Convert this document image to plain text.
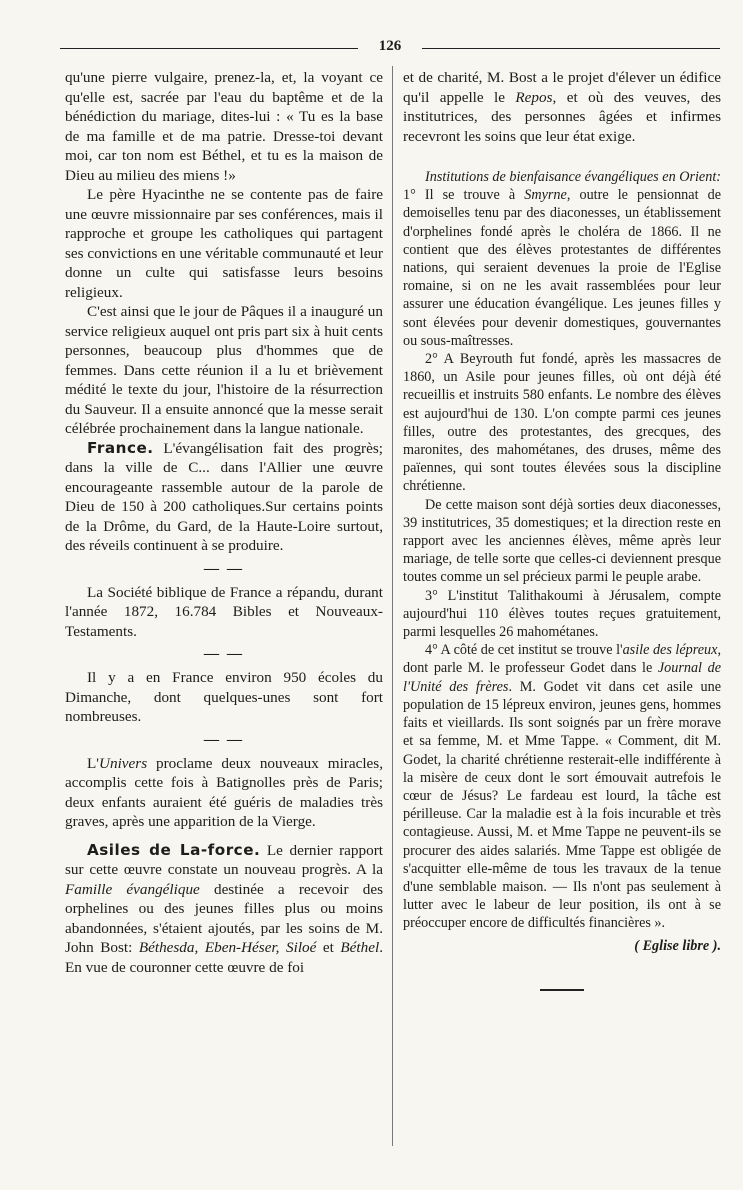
126

qu'une pierre vulgaire, prenez-la, et, la voyant ce qu'elle est, sacrée par l'eau du baptême et de la bénédiction du mariage, dites-lui : « Tu es la base de ma famille et de ma patrie. Dresse-toi devant moi, car ton nom est Béthel, et tu es la maison de Dieu au milieu des miens !»

Le père Hyacinthe ne se contente pas de faire une œuvre missionnaire par ses conférences, mais il rapproche et groupe les catholiques qui partagent ses convictions en une véritable communauté et leur donne un culte qui satisfasse leurs besoins religieux.

C'est ainsi que le jour de Pâques il a inauguré un service religieux auquel ont pris part six à huit cents personnes, beaucoup plus d'hommes que de femmes. Dans cette réunion il a lu et brièvement médité le texte du jour, l'histoire de la résurrection du Sauveur. Il a ensuite annoncé que la messe serait célébrée prochainement dans la langue nationale.

France. L'évangélisation fait des progrès; dans la ville de C... dans l'Allier une œuvre encourageante rassemble autour de la parole de Dieu de 150 à 200 catholiques.Sur certains points de la Drôme, du Gard, de la Haute-Loire surtout, des réveils continuent à se produire.

— —

La Société biblique de France a répandu, durant l'année 1872, 16.784 Bibles et Nouveaux-Testaments.

— —

Il y a en France environ 950 écoles du Dimanche, dont quelques-unes sont fort nombreuses.

— —

L'Univers proclame deux nouveaux miracles, accomplis cette fois à Batignolles près de Paris; deux enfants auraient été guéris de maladies très graves, après une apparition de la Vierge.

Asiles de La-force. Le dernier rapport sur cette œuvre constate un nouveau progrès. A la Famille évangélique destinée a recevoir des orphelines ou des jeunes filles plus ou moins abandonnées, s'étaient ajoutés, par les soins de M. John Bost: Béthesda, Eben-Héser, Siloé et Béthel. En vue de couronner cette œuvre de foi

et de charité, M. Bost a le projet d'élever un édifice qu'il appelle le Repos, et où des veuves, des institutrices, des personnes âgées et infirmes recevront les soins que leur état exige.

Institutions de bienfaisance évangéliques en Orient: 1° Il se trouve à Smyrne, outre le pensionnat de demoiselles tenu par des diaconesses, un établissement d'orphelines fondé après le choléra de 1866. Il ne contient que des élèves protestantes de différentes nations, qui seraient devenues la proie de l'Eglise romaine, si on ne les avait rassemblées pour leur assurer une éducation évangélique. Les jeunes filles y sont élevées pour devenir domestiques, gouvernantes ou sous-maîtresses.

2° A Beyrouth fut fondé, après les massacres de 1860, un Asile pour jeunes filles, où ont déjà été recueillis et instruits 580 enfants. Le nombre des élèves est aujourd'hui de 130. L'on compte parmi ces jeunes filles, outre des protestantes, des grecques, des maronites, des mahométanes, des druses, même des païennes, qui sont toutes élevées sous la discipline chrétienne.

De cette maison sont déjà sorties deux diaconesses, 39 institutrices, 35 domestiques; et la direction reste en rapport avec les anciennes élèves, même après leur mariage, de telle sorte que celles-ci deviennent presque toutes comme un sel précieux parmi le peuple arabe.

3° L'institut Talithakoumi à Jérusalem, compte aujourd'hui 110 élèves toutes reçues gratuitement, parmi lesquelles 26 mahométanes.

4° A côté de cet institut se trouve l'asile des lépreux, dont parle M. le professeur Godet dans le Journal de l'Unité des frères. M. Godet vit dans cet asile une population de 15 lépreux environ, jeunes gens, hommes faits et vieillards. Ils sont soignés par un frère morave et sa femme, M. et Mme Tappe. « Comment, dit M. Godet, la charité chrétienne resterait-elle indifférente à la misère de ceux dont le sort émouvait autrefois le cœur de Jésus? Le fardeau est lourd, la tâche est périlleuse. Car la maladie est à la fois incurable et très contagieuse. Aussi, M. et Mme Tappe ne peuvent-ils se procurer des aides salariés. Mme Tappe est obligée de s'acquitter elle-même de tous les travaux de la tenue d'une semblable maison. — Ils n'ont pas seulement à lutter avec le labeur de leur position, ils ont à se préoccuper encore de difficultés financières ».

( Eglise libre ).
